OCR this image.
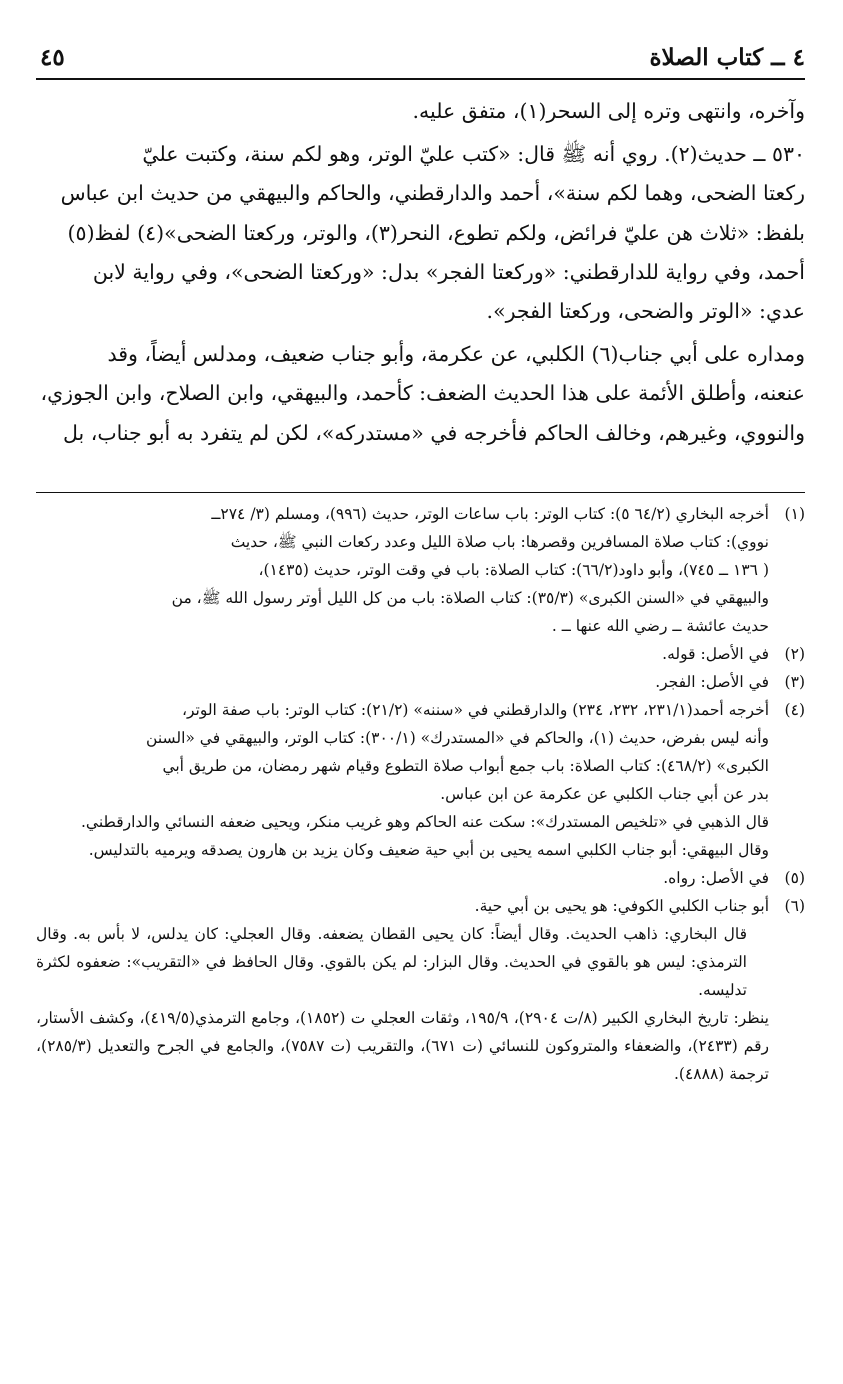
٤٥	٤ ــ كتاب الصلاة

وآخره، وانتهى وتره إلى السحر(١)، متفق عليه.

٥٣٠ ــ حديث(٢). روي أنه ﷺ قال: «كتب عليّ الوتر، وهو لكم سنة، وكتبت عليّ

ركعتا الضحى، وهما لكم سنة»، أحمد والدارقطني، والحاكم والبيهقي من حديث ابن عباس

بلفظ: «ثلاث هن عليّ فرائض، ولكم تطوع، النحر(٣)، والوتر، وركعتا الضحى»(٤) لفظ(٥)

أحمد، وفي رواية للدارقطني: «وركعتا الفجر» بدل: «وركعتا الضحى»، وفي رواية لابن

عدي: «الوتر والضحى، وركعتا الفجر».

ومداره على أبي جناب(٦) الكلبي، عن عكرمة، وأبو جناب ضعيف، ومدلس أيضاً، وقد

عنعنه، وأطلق الأئمة على هذا الحديث الضعف: كأحمد، والبيهقي، وابن الصلاح، وابن الجوزي،

والنووي، وغيرهم، وخالف الحاكم فأخرجه في «مستدركه»، لكن لم يتفرد به أبو جناب، بل

(١)
أخرجه البخاري (٦٤/٢ ٥): كتاب الوتر: باب ساعات الوتر، حديث (٩٩٦)، ومسلم (٣/ ٢٧٤ــ
نووي): كتاب صلاة المسافرين وقصرها: باب صلاة الليل وعدد ركعات النبي ﷺ، حديث
( ١٣٦ ــ ٧٤٥)، وأبو داود(٦٦/٢): كتاب الصلاة: باب في وقت الوتر، حديث (١٤٣٥)،
والبيهقي في «السنن الكبرى» (٣٥/٣): كتاب الصلاة: باب من كل الليل أوتر رسول الله ﷺ، من
حديث عائشة ــ رضي الله عنها ــ .
(٢)
في الأصل: قوله.
(٣)
في الأصل: الفجر.
(٤)
أخرجه أحمد(٢٣١/١، ٢٣٢، ٢٣٤) والدارقطني في «سننه» (٢١/٢): كتاب الوتر: باب صفة الوتر،
وأنه ليس بفرض، حديث (١)، والحاكم في «المستدرك» (٣٠٠/١): كتاب الوتر، والبيهقي في «السنن
الكبرى» (٤٦٨/٢): كتاب الصلاة: باب جمع أبواب صلاة التطوع وقيام شهر رمضان، من طريق أبي
بدر عن أبي جناب الكلبي عن عكرمة عن ابن عباس.
قال الذهبي في «تلخيص المستدرك»: سكت عنه الحاكم وهو غريب منكر، ويحيى ضعفه النسائي والدارقطني.
وقال البيهقي: أبو جناب الكلبي اسمه يحيى بن أبي حية ضعيف وكان يزيد بن هارون يصدقه ويرميه بالتدليس.
(٥)
في الأصل: رواه.
(٦)
أبو جناب الكلبي الكوفي: هو يحيى بن أبي حية.
قال البخاري: ذاهب الحديث. وقال أيضاً: كان يحيى القطان يضعفه. وقال العجلي: كان يدلس، لا بأس به. وقال الترمذي: ليس هو بالقوي في الحديث. وقال البزار: لم يكن بالقوي. وقال الحافظ في «التقريب»: ضعفوه لكثرة تدليسه.
ينظر: تاريخ البخاري الكبير (٨/ت ٢٩٠٤)، ١٩٥/٩، وثقات العجلي ت (١٨٥٢)، وجامع الترمذي(٤١٩/٥)، وكشف الأستار، رقم (٢٤٣٣)، والضعفاء والمتروكون للنسائي (ت ٦٧١)، والتقريب (ت ٧٥٨٧)، والجامع في الجرح والتعديل (٢٨٥/٣)، ترجمة (٤٨٨٨).
